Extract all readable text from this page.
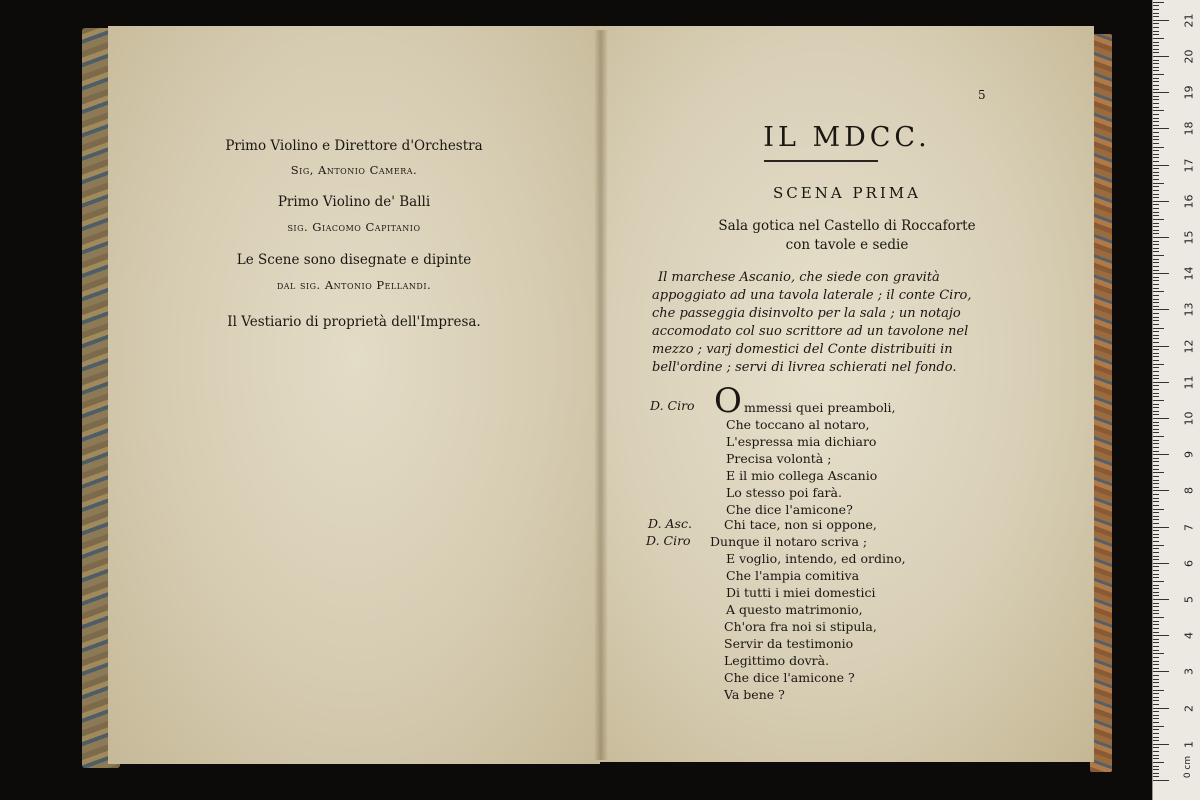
Primo Violino e Direttore d'Orchestra
Sig, Antonio Camera.
Primo Violino de' Balli
sig. Giacomo Capitanio
Le Scene sono disegnate e dipinte
dal sig. Antonio Pellandi.
Il Vestiario di proprietà dell'Impresa.
5
IL MDCC.
SCENA PRIMA
Sala gotica nel Castello di Roccaforte
con tavole e sedie
Il marchese Ascanio, che siede con gravità
appoggiato ad una tavola laterale ; il conte Ciro,
che passeggia disinvolto per la sala ; un notajo
accomodato col suo scrittore ad un tavolone nel
mezzo ; varj domestici del Conte distribuiti in
bell'ordine ; servi di livrea schierati nel fondo.
D. Ciro O mmessi quei preamboli,
Che toccano al notaro,
L'espressa mia dichiaro
Precisa volontà ;
E il mio collega Ascanio
Lo stesso poi farà.
Che dice l'amicone?
D. Asc.	Chi tace, non si oppone,
D. Ciro Dunque il notaro scriva ;
E voglio, intendo, ed ordino,
Che l'ampia comitiva
Di tutti i miei domestici
A questo matrimonio,
Ch'ora fra noi si stipula,
Servir da testimonio
Legittimo dovrà.
Che dice l'amicone ?
Va bene ?
0 cm
1
2
3
4
5
6
7
8
9
10
11
12
13
14
15
16
17
18
19
20
21
